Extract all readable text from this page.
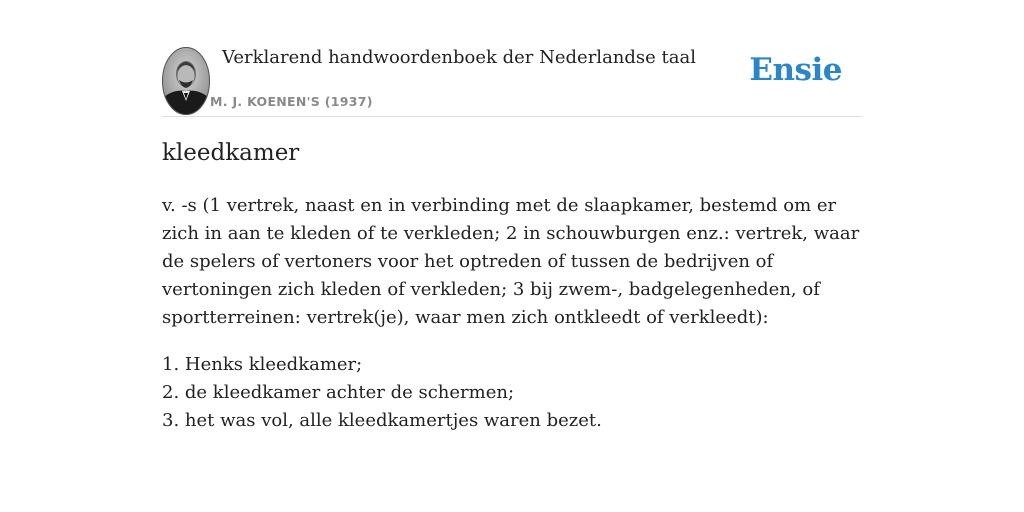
Verklarend handwoordenboek der Nederlandse taal
M. J. KOENEN'S (1937)
Ensie
kleedkamer

v. -s (1 vertrek, naast en in verbinding met de slaapkamer, bestemd om er zich in aan te kleden of te verkleden; 2 in schouwburgen enz.: vertrek, waar de spelers of vertoners voor het optreden of tussen de bedrijven of vertoningen zich kleden of verkleden; 3 bij zwem-, badgelegenheden, of sportterreinen: vertrek(je), waar men zich ontkleedt of verkleedt):

1. Henks kleedkamer;
2. de kleedkamer achter de schermen;
3. het was vol, alle kleedkamertjes waren bezet.
